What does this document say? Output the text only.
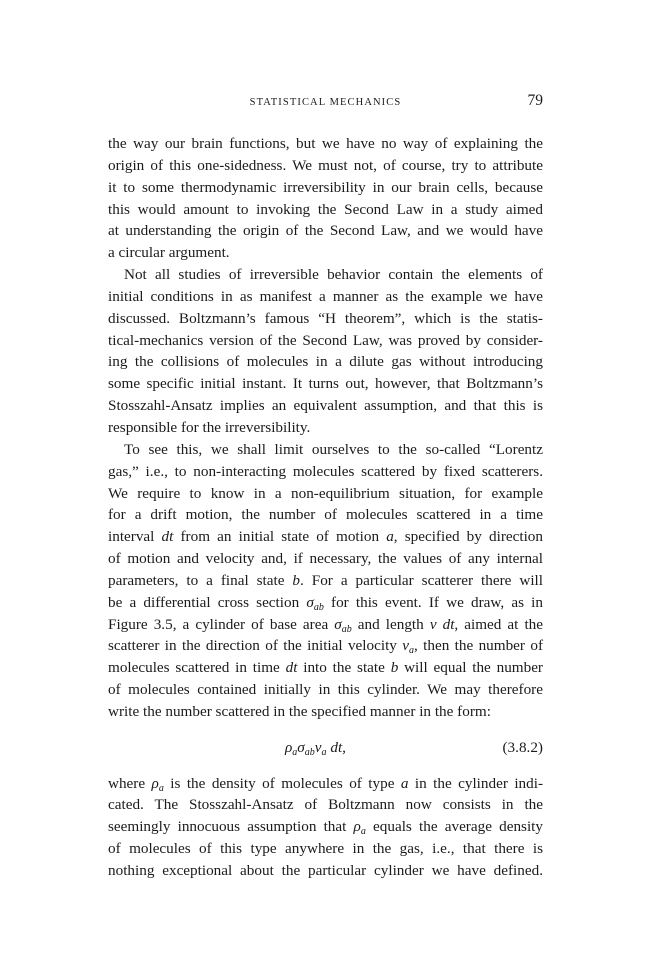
STATISTICAL MECHANICS	79
the way our brain functions, but we have no way of explaining the
origin of this one-sidedness. We must not, of course, try to attribute
it to some thermodynamic irreversibility in our brain cells, because
this would amount to invoking the Second Law in a study aimed
at understanding the origin of the Second Law, and we would have
a circular argument.
Not all studies of irreversible behavior contain the elements of
initial conditions in as manifest a manner as the example we have
discussed. Boltzmann’s famous “H theorem”, which is the statis-
tical-mechanics version of the Second Law, was proved by consider-
ing the collisions of molecules in a dilute gas without introducing
some specific initial instant. It turns out, however, that Boltzmann’s
Stosszahl-Ansatz implies an equivalent assumption, and that this is
responsible for the irreversibility.
To see this, we shall limit ourselves to the so-called “Lorentz
gas,” i.e., to non-interacting molecules scattered by fixed scatterers.
We require to know in a non-equilibrium situation, for example
for a drift motion, the number of molecules scattered in a time
interval dt from an initial state of motion a, specified by direction
of motion and velocity and, if necessary, the values of any internal
parameters, to a final state b. For a particular scatterer there will
be a differential cross section $\sigma_{ab}$ for this event. If we draw, as in
Figure 3.5, a cylinder of base area $\sigma_{ab}$ and length v dt, aimed at the
scatterer in the direction of the initial velocity $v_a$, then the number of
molecules scattered in time dt into the state b will equal the number
of molecules contained initially in this cylinder. We may therefore
write the number scattered in the specified manner in the form:
$\rho_a\sigma_{ab}v_a$ dt,	(3.8.2)
where $\rho_a$ is the density of molecules of type a in the cylinder indi-
cated. The Stosszahl-Ansatz of Boltzmann now consists in the
seemingly innocuous assumption that $\rho_a$ equals the average density
of molecules of this type anywhere in the gas, i.e., that there is
nothing exceptional about the particular cylinder we have defined.
